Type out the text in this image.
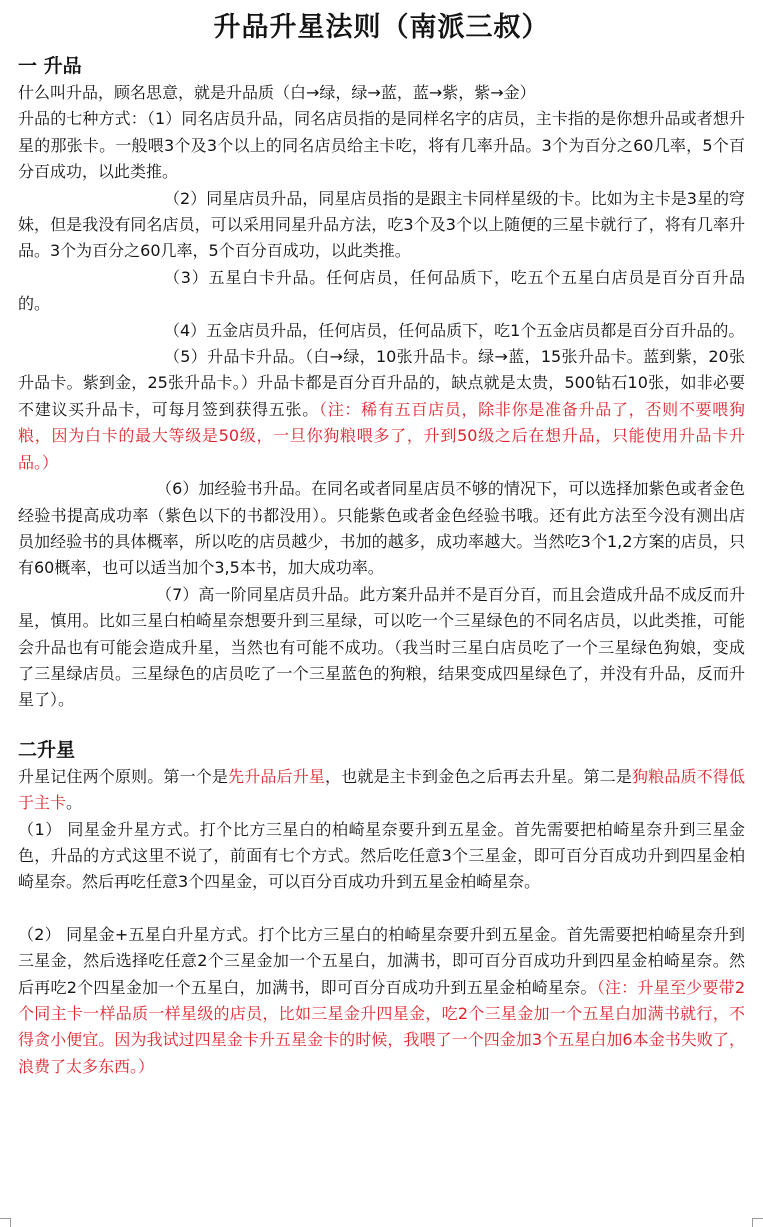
升品升星法则（南派三叔）

一 升品

什么叫升品，顾名思意，就是升品质（白→绿，绿→蓝，蓝→紫，紫→金）

升品的七种方式：（1）同名店员升品，同名店员指的是同样名字的店员，主卡指的是你想升品或者想升星的那张卡。一般喂3个及3个以上的同名店员给主卡吃，将有几率升品。3个为百分之60几率，5个百分百成功，以此类推。

（2）同星店员升品，同星店员指的是跟主卡同样星级的卡。比如为主卡是3星的穹妹，但是我没有同名店员，可以采用同星升品方法，吃3个及3个以上随便的三星卡就行了，将有几率升品。3个为百分之60几率，5个百分百成功，以此类推。

（3）五星白卡升品。任何店员，任何品质下，吃五个五星白店员是百分百升品的。

（4）五金店员升品，任何店员，任何品质下，吃1个五金店员都是百分百升品的。

（5）升品卡升品。（白→绿，10张升品卡。绿→蓝，15张升品卡。蓝到紫，20张升品卡。紫到金，25张升品卡。）升品卡都是百分百升品的，缺点就是太贵，500钻石10张，如非必要不建议买升品卡，可每月签到获得五张。（注：稀有五百店员，除非你是准备升品了，否则不要喂狗粮，因为白卡的最大等级是50级，一旦你狗粮喂多了，升到50级之后在想升品，只能使用升品卡升品。）

（6）加经验书升品。在同名或者同星店员不够的情况下，可以选择加紫色或者金色经验书提高成功率（紫色以下的书都没用）。只能紫色或者金色经验书哦。还有此方法至今没有测出店员加经验书的具体概率，所以吃的店员越少，书加的越多，成功率越大。当然吃3个1,2方案的店员，只有60概率，也可以适当加个3,5本书，加大成功率。

（7）高一阶同星店员升品。此方案升品并不是百分百，而且会造成升品不成反而升星，慎用。比如三星白柏崎星奈想要升到三星绿，可以吃一个三星绿色的不同名店员，以此类推，可能会升品也有可能会造成升星，当然也有可能不成功。（我当时三星白店员吃了一个三星绿色狗娘，变成了三星绿店员。三星绿色的店员吃了一个三星蓝色的狗粮，结果变成四星绿色了，并没有升品，反而升星了）。

二升星

升星记住两个原则。第一个是先升品后升星，也就是主卡到金色之后再去升星。第二是狗粮品质不得低于主卡。

（1） 同星金升星方式。打个比方三星白的柏崎星奈要升到五星金。首先需要把柏崎星奈升到三星金色，升品的方式这里不说了，前面有七个方式。然后吃任意3个三星金，即可百分百成功升到四星金柏崎星奈。然后再吃任意3个四星金，可以百分百成功升到五星金柏崎星奈。

（2） 同星金+五星白升星方式。打个比方三星白的柏崎星奈要升到五星金。首先需要把柏崎星奈升到三星金，然后选择吃任意2个三星金加一个五星白，加满书，即可百分百成功升到四星金柏崎星奈。然后再吃2个四星金加一个五星白，加满书，即可百分百成功升到五星金柏崎星奈。（注：升星至少要带2个同主卡一样品质一样星级的店员，比如三星金升四星金，吃2个三星金加一个五星白加满书就行，不得贪小便宜。因为我试过四星金卡升五星金卡的时候，我喂了一个四金加3个五星白加6本金书失败了，浪费了太多东西。）
